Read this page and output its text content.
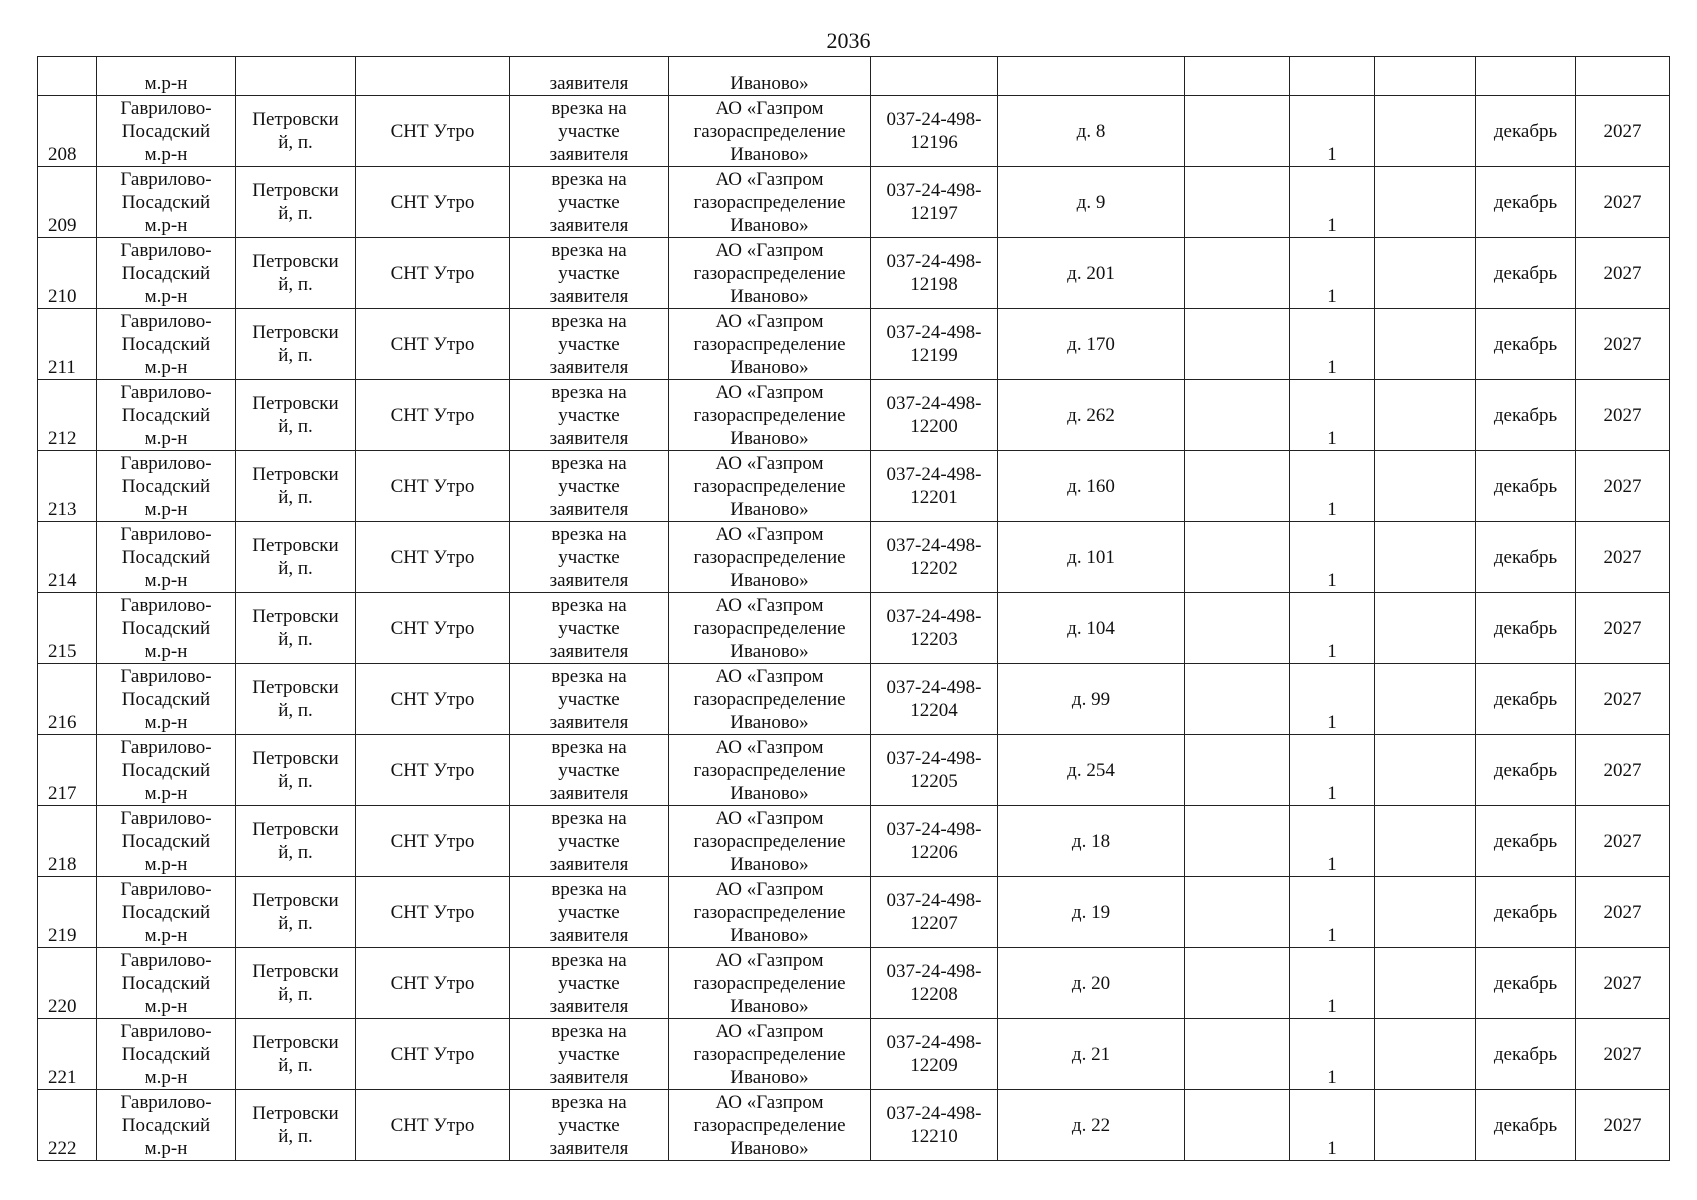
2036
	м.р-н			заявителя	Иваново»							
208	Гаврилово-
Посадский
м.р-н	Петровски
й, п.	СНТ Утро	врезка на
участке
заявителя	АО «Газпром
газораспределение
Иваново»	037-24-498-
12196	д. 8		1		декабрь	2027
209	Гаврилово-
Посадский
м.р-н	Петровски
й, п.	СНТ Утро	врезка на
участке
заявителя	АО «Газпром
газораспределение
Иваново»	037-24-498-
12197	д. 9		1		декабрь	2027
210	Гаврилово-
Посадский
м.р-н	Петровски
й, п.	СНТ Утро	врезка на
участке
заявителя	АО «Газпром
газораспределение
Иваново»	037-24-498-
12198	д. 201		1		декабрь	2027
211	Гаврилово-
Посадский
м.р-н	Петровски
й, п.	СНТ Утро	врезка на
участке
заявителя	АО «Газпром
газораспределение
Иваново»	037-24-498-
12199	д. 170		1		декабрь	2027
212	Гаврилово-
Посадский
м.р-н	Петровски
й, п.	СНТ Утро	врезка на
участке
заявителя	АО «Газпром
газораспределение
Иваново»	037-24-498-
12200	д. 262		1		декабрь	2027
213	Гаврилово-
Посадский
м.р-н	Петровски
й, п.	СНТ Утро	врезка на
участке
заявителя	АО «Газпром
газораспределение
Иваново»	037-24-498-
12201	д. 160		1		декабрь	2027
214	Гаврилово-
Посадский
м.р-н	Петровски
й, п.	СНТ Утро	врезка на
участке
заявителя	АО «Газпром
газораспределение
Иваново»	037-24-498-
12202	д. 101		1		декабрь	2027
215	Гаврилово-
Посадский
м.р-н	Петровски
й, п.	СНТ Утро	врезка на
участке
заявителя	АО «Газпром
газораспределение
Иваново»	037-24-498-
12203	д. 104		1		декабрь	2027
216	Гаврилово-
Посадский
м.р-н	Петровски
й, п.	СНТ Утро	врезка на
участке
заявителя	АО «Газпром
газораспределение
Иваново»	037-24-498-
12204	д. 99		1		декабрь	2027
217	Гаврилово-
Посадский
м.р-н	Петровски
й, п.	СНТ Утро	врезка на
участке
заявителя	АО «Газпром
газораспределение
Иваново»	037-24-498-
12205	д. 254		1		декабрь	2027
218	Гаврилово-
Посадский
м.р-н	Петровски
й, п.	СНТ Утро	врезка на
участке
заявителя	АО «Газпром
газораспределение
Иваново»	037-24-498-
12206	д. 18		1		декабрь	2027
219	Гаврилово-
Посадский
м.р-н	Петровски
й, п.	СНТ Утро	врезка на
участке
заявителя	АО «Газпром
газораспределение
Иваново»	037-24-498-
12207	д. 19		1		декабрь	2027
220	Гаврилово-
Посадский
м.р-н	Петровски
й, п.	СНТ Утро	врезка на
участке
заявителя	АО «Газпром
газораспределение
Иваново»	037-24-498-
12208	д. 20		1		декабрь	2027
221	Гаврилово-
Посадский
м.р-н	Петровски
й, п.	СНТ Утро	врезка на
участке
заявителя	АО «Газпром
газораспределение
Иваново»	037-24-498-
12209	д. 21		1		декабрь	2027
222	Гаврилово-
Посадский
м.р-н	Петровски
й, п.	СНТ Утро	врезка на
участке
заявителя	АО «Газпром
газораспределение
Иваново»	037-24-498-
12210	д. 22		1		декабрь	2027
